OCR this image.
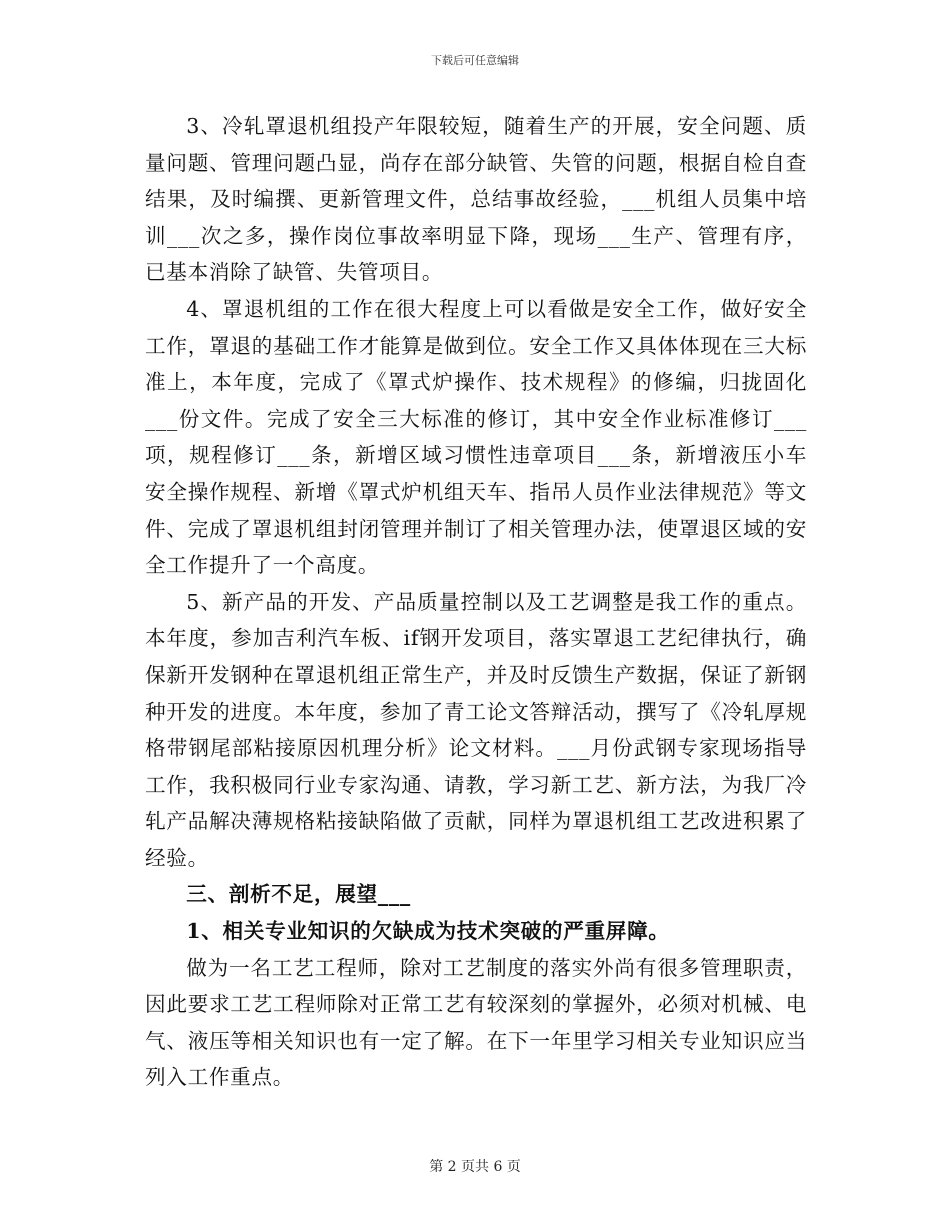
下载后可任意编辑

3、冷轧罩退机组投产年限较短，随着生产的开展，安全问题、质量问题、管理问题凸显，尚存在部分缺管、失管的问题，根据自检自查结果，及时编撰、更新管理文件，总结事故经验，___机组人员集中培训___次之多，操作岗位事故率明显下降，现场___生产、管理有序，已基本消除了缺管、失管项目。

4、罩退机组的工作在很大程度上可以看做是安全工作，做好安全工作，罩退的基础工作才能算是做到位。安全工作又具体体现在三大标准上，本年度，完成了《罩式炉操作、技术规程》的修编，归拢固化___份文件。完成了安全三大标准的修订，其中安全作业标准修订___项，规程修订___条，新增区域习惯性违章项目___条，新增液压小车安全操作规程、新增《罩式炉机组天车、指吊人员作业法律规范》等文件、完成了罩退机组封闭管理并制订了相关管理办法，使罩退区域的安全工作提升了一个高度。

5、新产品的开发、产品质量控制以及工艺调整是我工作的重点。本年度，参加吉利汽车板、if钢开发项目，落实罩退工艺纪律执行，确保新开发钢种在罩退机组正常生产，并及时反馈生产数据，保证了新钢种开发的进度。本年度，参加了青工论文答辩活动，撰写了《冷轧厚规格带钢尾部粘接原因机理分析》论文材料。___月份武钢专家现场指导工作，我积极同行业专家沟通、请教，学习新工艺、新方法，为我厂冷轧产品解决薄规格粘接缺陷做了贡献，同样为罩退机组工艺改进积累了经验。

三、剖析不足，展望___

1、相关专业知识的欠缺成为技术突破的严重屏障。

做为一名工艺工程师，除对工艺制度的落实外尚有很多管理职责，因此要求工艺工程师除对正常工艺有较深刻的掌握外，必须对机械、电气、液压等相关知识也有一定了解。在下一年里学习相关专业知识应当列入工作重点。

第 2 页共 6 页
